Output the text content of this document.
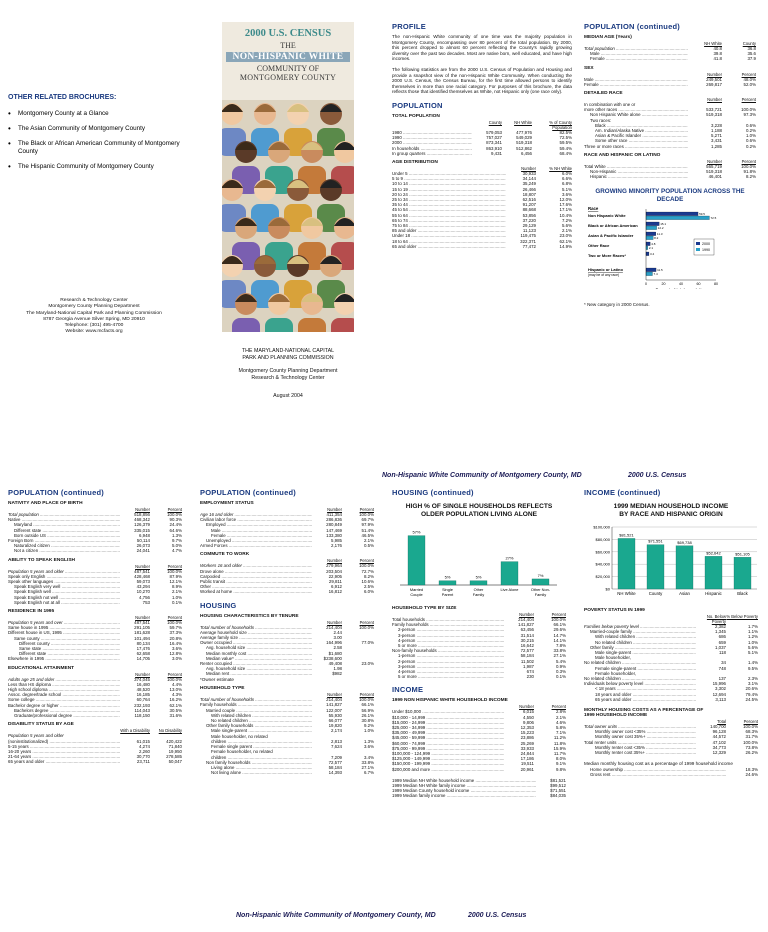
OTHER RELATED BROCHURES:
• Montgomery County at a Glance
• The Asian Community of Montgomery County
• The Black or African American Community of Montgomery County
• The Hispanic Community of Montgomery County
Research & Technology Center
Montgomery County Planning Department
The Maryland-National Capital Park and Planning Commission
8787 Georgia Avenue Silver Spring, MD 20910
Telephone: (301) 495-4700
Website: www.mcfacts.org
2000 U.S. CENSUS
THE
NON-HISPANIC WHITE
COMMUNITY OF
MONTGOMERY COUNTY
THE MARYLAND-NATIONAL CAPITAL
PARK AND PLANNING COMMISSION
Montgomery County Planning Department
Research & Technology Center
August 2004
PROFILE

The non-Hispanic White community of one time was the majority population in Montgomery County, encompassing over 80 percent of the total population. By 2000, this percent dropped to almost 60 percent reflecting the County's rapidly growing diversity over the past two decades. Most are native born, well educated, and have high incomes.

The following statistics are from the 2000 U.S. Census of Population and Housing and provide a snapshot view of the non-Hispanic White Community. When conducting the 2000 U.S. Census, the Census Bureau, for the first time allowed persons to identify themselves in more than one racial category. For purposes of this brochure, the data reflects those that identified themselves as White, not Hispanic only (one race only).

POPULATION
TOTAL POPULATION
County	NH White	% of County Population
1980 .....	579,053	477,976	82.5%
1990 .....	757,027	549,029	72.5%
2000 .....	873,341	519,318	59.5%
In households .....	863,910	512,862	59.4%
In group quarters .....	9,431	6,456	68.4%
AGE DISTRIBUTION
Number	% NH White
Under 5 .....	30,933	6.0%
5 to 9 .....	34,144	6.6%
10 to 14 .....	35,249	6.8%
15 to 19 .....	26,466	5.1%
20 to 24 .....	18,807	3.6%
25 to 34 .....	62,516	12.0%
35 to 44 .....	91,207	17.6%
45 to 54 .....	88,668	17.1%
55 to 64 .....	53,856	10.4%
65 to 74 .....	37,220	7.2%
75 to 84 .....	29,129	5.6%
85 and older .....	11,123	2.1%
Under 18 .....	119,475	23.0%
18 to 64 .....	322,371	62.1%
65 and older .....	77,472	14.9%
POPULATION (continued)
MEDIAN AGE (Years)
NH White	County
Total population .....	40.8	36.8
Male .....	39.8	35.6
Female .....	41.8	37.9
SEX
Number	Percent
Male .....	249,501	48.0%
Female .....	269,817	52.0%
DETAILED RACE
Number	Percent
In combination with one or
more other races .....	533,721	100.0%
Non Hispanic White alone .....	519,318	97.3%
Two races:
Black .....	3,228	0.6%
Am. Indian/Alaska Native .....	1,188	0.2%
Asian & Pacific Islander .....	5,271	1.0%
Some other race .....	3,431	0.6%
Three or more races .....	1,285	0.2%
RACE AND HISPANIC OR LATINO
Number	Percent
Total White .....	565,719	100.0%
Non-Hispanic .....	519,318	91.8%
Hispanic .....	46,401	8.2%
GROWING MINORITY POPULATION ACROSS THE DECADE
Race
Non Hispanic White	59.5
72.5
Black or African American	15.1
12.2
Asian & Pacific Islander	11.3
8.2
Other Race	4.8
2.1
Two or More Races*	3.4
Hispanic or Latino
(may be of any race)
11.5
7.4
0	20	40	60	80
2000
1990
* New category in 2000 Census.
Non-Hispanic White Community of Montgomery County, MD	2000 U.S. Census
POPULATION (continued)
NATIVITY AND PLACE OF BIRTH
Number	Percent
Total population .....	518,856	100.0%
Native .....	468,342	90.3%
Maryland .....	126,379	24.4%
Different state .....	335,015	64.6%
Born outside US .....	6,948	1.3%
Foreign Born .....	50,114	9.7%
Naturalized citizen .....	26,073	5.0%
Not a citizen .....	24,041	4.7%
ABILITY TO SPEAK ENGLISH
Number	Percent
Population 5 years and older .....	487,541	100.0%
Speak only English .....	428,468	87.9%
Speak other languages .....	59,073	12.1%
Speak English very well .....	43,294	8.9%
Speak English well .....	10,270	2.1%
Speak English not well .....	4,756	1.0%
Speak English not at all .....	753	0.1%
RESIDENCE IN 1995
Number	Percent
Population 5 years and over .....	487,541	100.0%
Same house in 1995 .....	291,105	59.7%
Different house in US, 1995 .....	181,628	37.3%
Same county .....	101,494	20.8%
Different county .....	80,134	16.4%
Same state .....	17,476	3.6%
Different state .....	62,658	12.8%
Elsewhere in 1995 .....	14,705	3.0%
EDUCATIONAL ATTAINMENT
Number	Percent
Adults age 25 and older .....	374,045	100.0%
Less than HS diploma .....	16,480	4.4%
High school diploma .....	48,520	13.0%
Assoc. degree/trade school .....	16,185	4.3%
Some college .....	60,764	16.2%
Bachelor degree or higher .....	232,193	62.1%
Bachelors degree .....	114,043	30.5%
Graduate/professional degree .....	118,150	31.6%
DISABILITY STATUS BY AGE
With a Disability	No Disability
Population 5 years and older
(noninstitutionalized) .....	61,015	420,422
5-15 years .....	4,274	71,840
16-20 years .....	2,260	19,950
21-64 years .....	30,770	278,585
65 years and older .....	23,711	50,047
POPULATION (continued)
EMPLOYMENT STATUS
Number	Percent
Age 16 and older .....	411,354	100.0%
Civilian labor force .....	286,836	69.7%
Employed .....	280,849	97.9%
Male .....	147,469	51.4%
Female .....	133,380	46.5%
Unemployed .....	5,985	2.1%
Armed Forces .....	2,176	0.5%
COMMUTE TO WORK
Number	Percent
Workers 16 and older .....	279,964	100.0%
Drove alone .....	203,504	72.7%
Carpooled .....	22,905	8.2%
Public transit .....	29,811	10.6%
Other .....	6,912	2.5%
Worked at home .....	16,812	6.0%
HOUSING
HOUSING CHARACTERISTICS BY TENURE
Number	Percent
Total number of households .....	214,404	100.0%
Average household size .....	2.44
Average family size .....	3.00
Owner occupied .....	164,996	77.0%
Avg. household size .....	2.58
Median monthly cost .....	$1,680
Median value* .....	$238,600
Renter occupied .....	49,408	23.0%
Avg. household size .....	1.98
Median rent .....	$982
*Owner estimate
HOUSEHOLD TYPE
Number	Percent
Total number of households .....	214,404	100.0%
Family households .....	141,827	66.1%
Married couple .....	122,007	56.9%
With related children .....	55,930	26.1%
No related children .....	66,077	30.8%
Other family households .....	19,820	9.2%
Male single-parent .....	2,174	1.0%
Male householder, no related
children .....	2,813	1.3%
Female single parent .....	7,624	3.6%
Female householder, no related
children .....	7,209	3.4%
Non family households .....	72,577	33.8%
Living alone .....	58,184	27.1%
Not living alone .....	14,393	6.7%
HOUSING (continued)
HIGH % OF SINGLE HOUSEHOLDS REFLECTS
OLDER POPULATION LIVING ALONE
57%
Married
Couple
5%
Single
Parent
5%
Other
Family
27%
Live Alone
7%
Other Non-
Family
HOUSEHOLD TYPE BY SIZE
Number	Percent
Total households .....	214,404	100.0%
Family households .....	141,827	66.1%
2-person .....	63,456	29.6%
3-person .....	31,514	14.7%
4-person .....	30,215	14.1%
5 or more .....	16,642	7.8%
Non-family households .....	72,577	33.8%
1-person .....	58,184	27.1%
2-person .....	11,502	5.4%
3-person .....	1,987	0.9%
4-person .....	674	0.3%
5 or more .....	230	0.1%
INCOME
1999 NON HISPANIC WHITE HOUSEHOLD INCOME
Number	Percent
Under $10,000 .....	6,015	2.8%
$10,000 - 14,999 .....	4,550	2.1%
$15,000 - 24,999 .....	9,806	4.6%
$25,000 - 34,999 .....	12,353	5.8%
$35,000 - 49,999 .....	15,223	7.1%
$45,000 - 59,999 .....	23,886	11.2%
$60,000 - 74,999 .....	25,269	11.8%
$75,000 - 99,999 .....	33,933	15.9%
$100,000 - 124,999 .....	24,844	11.7%
$125,000 - 149,999 .....	17,186	8.0%
$150,000 - 199,999 .....	19,511	9.1%
$200,000 and more .....	20,961	9.8%
1999 Median NH White household income .....	$81,521
1999 Median NH White family income .....	$99,512
1999 Median County household income .....	$71,551
1999 Median family income .....	$84,035
INCOME (continued)
1999 MEDIAN HOUSEHOLD INCOME
BY RACE AND HISPANIC ORIGIN
$0
$20,000
$40,000
$60,000
$80,000
$100,000
$81,521
NH White
$71,551
County
$69,738
Asian
$52,642
Hispanic
$51,105
Black
POVERTY STATUS IN 1999
No. Below Poverty
% Below Poverty
Families below poverty level .....	2,382	1.7%
Married-couple family .....	1,345	1.1%
With related children .....	686	1.2%
No related children .....	659	1.0%
Other family .....	1,037	5.6%
Male single-parent .....	118	5.1%
Male householder,
No related children .....	34	1.4%
Female single-parent .....	748	9.5%
Female householder,
No related children .....	137	2.3%
Individuals below poverty level .....	15,996	3.1%
< 18 years .....	3,302	20.6%
18 years and older .....	12,694	79.4%
65 years and older .....	3,113	24.5%
MONTHLY HOUSING COSTS AS A PERCENTAGE OF
1999 HOUSEHOLD INCOME
Total	Percent
Total owner units .....	140,700	100.0%
Monthly owner cost <35% .....	96,128	68.3%
Monthly owner cost 35%+ .....	44,572	31.7%
Total renter units .....	47,102	100.0%
Monthly renter cost <35% .....	34,773	73.8%
Monthly renter cost 35%+ .....	12,329	26.2%
Median monthly housing cost as a percentage of 1999 household income
Home ownership .....	18.3%
Gross rent .....	24.6%
Non-Hispanic White Community of Montgomery County, MD	2000 U.S. Census
